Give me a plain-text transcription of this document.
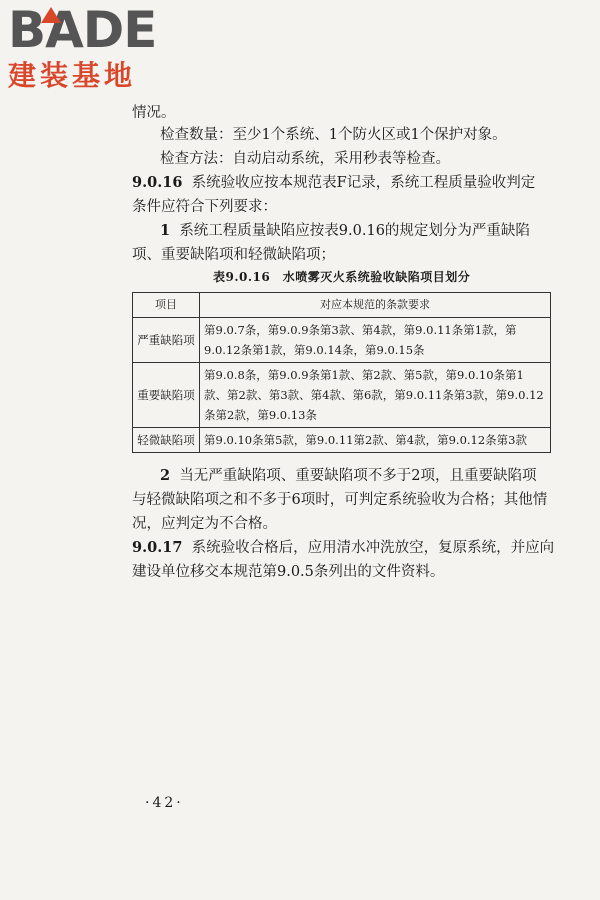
BADE
建装基地
情况。
检查数量：至少1个系统、1个防火区或1个保护对象。
检查方法：自动启动系统，采用秒表等检查。
9.0.16 系统验收应按本规范表F记录，系统工程质量验收判定
条件应符合下列要求：
1 系统工程质量缺陷应按表9.0.16的规定划分为严重缺陷
项、重要缺陷项和轻微缺陷项；
表9.0.16　水喷雾灭火系统验收缺陷项目划分
项目	对应本规范的条款要求
严重缺陷项	第9.0.7条，第9.0.9条第3款、第4款，第9.0.11条第1款，第9.0.12条第1款，第9.0.14条，第9.0.15条
重要缺陷项	第9.0.8条，第9.0.9条第1款、第2款、第5款，第9.0.10条第1款、第2款、第3款、第4款、第6款，第9.0.11条第3款，第9.0.12条第2款，第9.0.13条
轻微缺陷项	第9.0.10条第5款，第9.0.11第2款、第4款，第9.0.12条第3款
2 当无严重缺陷项、重要缺陷项不多于2项，且重要缺陷项
与轻微缺陷项之和不多于6项时，可判定系统验收为合格；其他情
况，应判定为不合格。
9.0.17 系统验收合格后，应用清水冲洗放空，复原系统，并应向
建设单位移交本规范第9.0.5条列出的文件资料。
·42·
